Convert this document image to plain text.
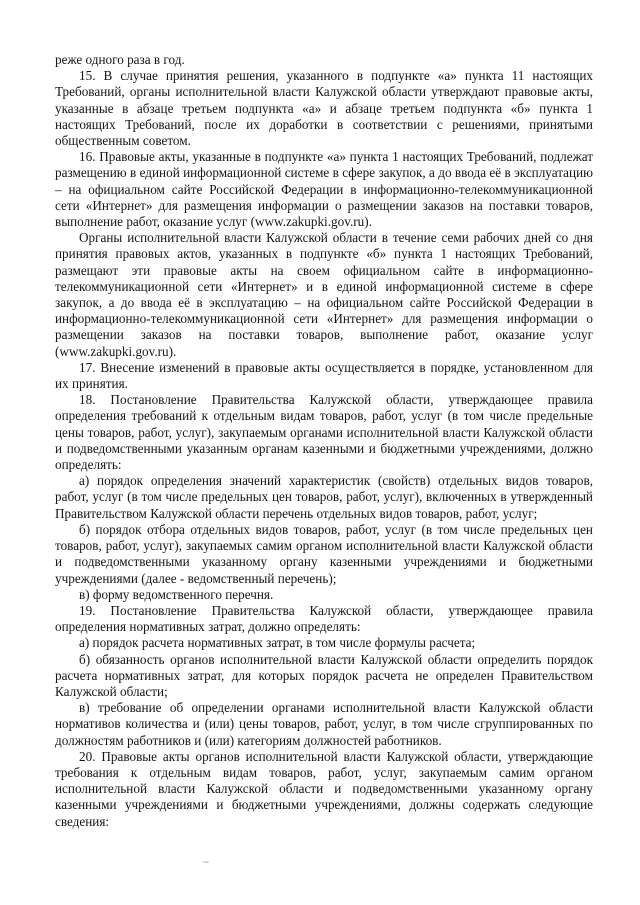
реже одного раза в год.

15. В случае принятия решения, указанного в подпункте «а» пункта 11 настоящих Требований, органы исполнительной власти Калужской области утверждают правовые акты, указанные в абзаце третьем подпункта «а» и абзаце третьем подпункта «б» пункта 1 настоящих Требований, после их доработки в соответствии с решениями, принятыми общественным советом.

16. Правовые акты, указанные в подпункте «а» пункта 1 настоящих Требований, подлежат размещению в единой информационной системе в сфере закупок, а до ввода её в эксплуатацию – на официальном сайте Российской Федерации в информационно-телекоммуникационной сети «Интернет» для размещения информации о размещении заказов на поставки товаров, выполнение работ, оказание услуг (www.zakupki.gov.ru).

Органы исполнительной власти Калужской области в течение семи рабочих дней со дня принятия правовых актов, указанных в подпункте «б» пункта 1 настоящих Требований, размещают эти правовые акты на своем официальном сайте в информационно-телекоммуникационной сети «Интернет» и в единой информационной системе в сфере закупок, а до ввода её в эксплуатацию – на официальном сайте Российской Федерации в информационно-телекоммуникационной сети «Интернет» для размещения информации о размещении заказов на поставки товаров, выполнение работ, оказание услуг (www.zakupki.gov.ru).

17. Внесение изменений в правовые акты осуществляется в порядке, установленном для их принятия.

18. Постановление Правительства Калужской области, утверждающее правила определения требований к отдельным видам товаров, работ, услуг (в том числе предельные цены товаров, работ, услуг), закупаемым органами исполнительной власти Калужской области и подведомственными указанным органам казенными и бюджетными учреждениями, должно определять:

а) порядок определения значений характеристик (свойств) отдельных видов товаров, работ, услуг (в том числе предельных цен товаров, работ, услуг), включенных в утвержденный Правительством Калужской области перечень отдельных видов товаров, работ, услуг;

б) порядок отбора отдельных видов товаров, работ, услуг (в том числе предельных цен товаров, работ, услуг), закупаемых самим органом исполнительной власти Калужской области и подведомственными указанному органу казенными учреждениями и бюджетными учреждениями (далее - ведомственный перечень);

в) форму ведомственного перечня.

19. Постановление Правительства Калужской области, утверждающее правила определения нормативных затрат, должно определять:

а) порядок расчета нормативных затрат, в том числе формулы расчета;

б) обязанность органов исполнительной власти Калужской области определить порядок расчета нормативных затрат, для которых порядок расчета не определен Правительством Калужской области;

в) требование об определении органами исполнительной власти Калужской области нормативов количества и (или) цены товаров, работ, услуг, в том числе сгруппированных по должностям работников и (или) категориям должностей работников.

20. Правовые акты органов исполнительной власти Калужской области, утверждающие требования к отдельным видам товаров, работ, услуг, закупаемым самим органом исполнительной власти Калужской области и подведомственными указанному органу казенными учреждениями и бюджетными учреждениями, должны содержать следующие сведения:

~
